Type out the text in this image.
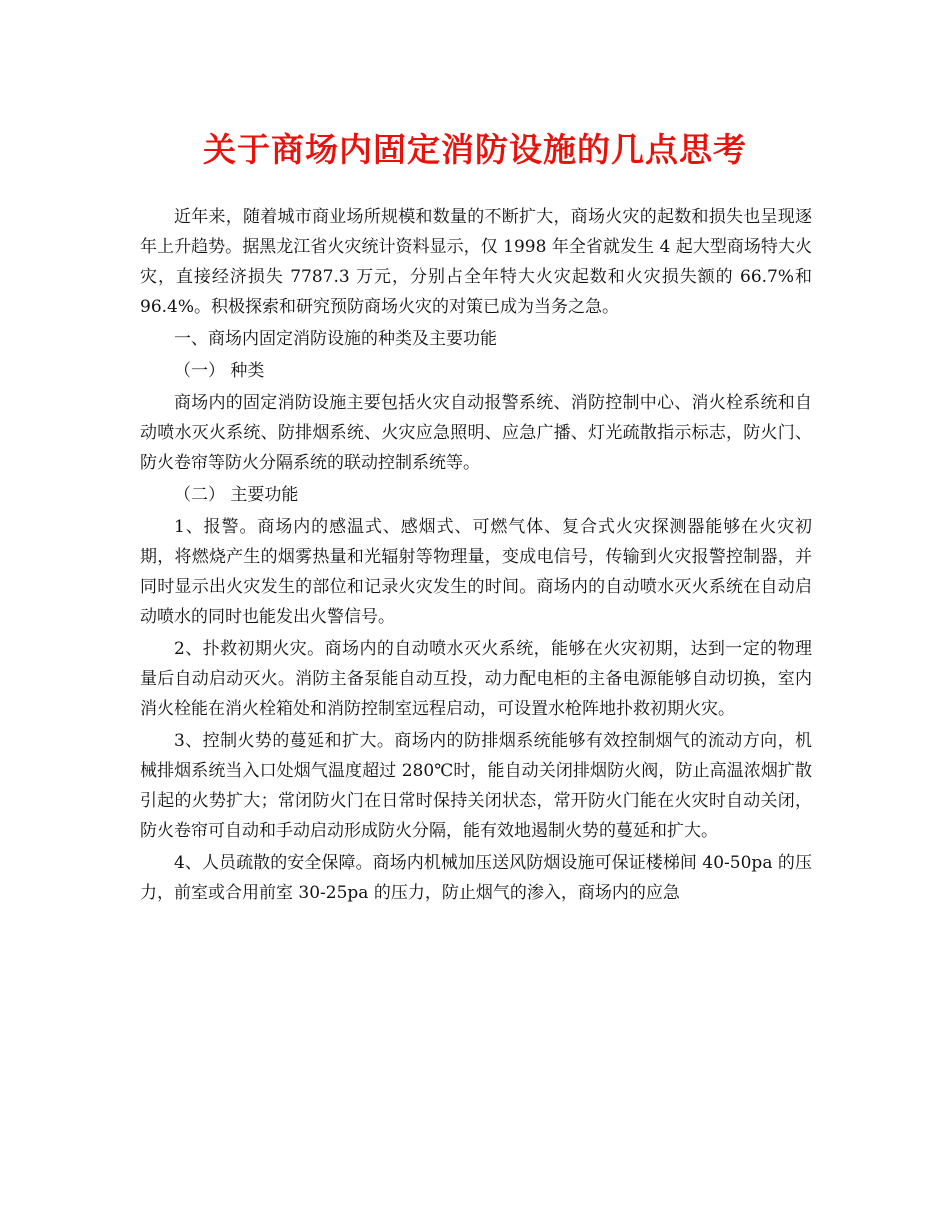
关于商场内固定消防设施的几点思考

近年来，随着城市商业场所规模和数量的不断扩大，商场火灾的起数和损失也呈现逐年上升趋势。据黑龙江省火灾统计资料显示，仅 1998 年全省就发生 4 起大型商场特大火灾，直接经济损失 7787.3 万元，分别占全年特大火灾起数和火灾损失额的 66.7%和 96.4%。积极探索和研究预防商场火灾的对策已成为当务之急。

一、商场内固定消防设施的种类及主要功能

（一） 种类

商场内的固定消防设施主要包括火灾自动报警系统、消防控制中心、消火栓系统和自动喷水灭火系统、防排烟系统、火灾应急照明、应急广播、灯光疏散指示标志，防火门、防火卷帘等防火分隔系统的联动控制系统等。

（二） 主要功能

1、报警。商场内的感温式、感烟式、可燃气体、复合式火灾探测器能够在火灾初期，将燃烧产生的烟雾热量和光辐射等物理量，变成电信号，传输到火灾报警控制器，并同时显示出火灾发生的部位和记录火灾发生的时间。商场内的自动喷水灭火系统在自动启动喷水的同时也能发出火警信号。

2、扑救初期火灾。商场内的自动喷水灭火系统，能够在火灾初期，达到一定的物理量后自动启动灭火。消防主备泵能自动互投，动力配电柜的主备电源能够自动切换，室内消火栓能在消火栓箱处和消防控制室远程启动，可设置水枪阵地扑救初期火灾。

3、控制火势的蔓延和扩大。商场内的防排烟系统能够有效控制烟气的流动方向，机械排烟系统当入口处烟气温度超过 280℃时，能自动关闭排烟防火阀，防止高温浓烟扩散引起的火势扩大；常闭防火门在日常时保持关闭状态，常开防火门能在火灾时自动关闭，防火卷帘可自动和手动启动形成防火分隔，能有效地遏制火势的蔓延和扩大。

4、人员疏散的安全保障。商场内机械加压送风防烟设施可保证楼梯间 40-50pa 的压力，前室或合用前室 30-25pa 的压力，防止烟气的渗入，商场内的应急
